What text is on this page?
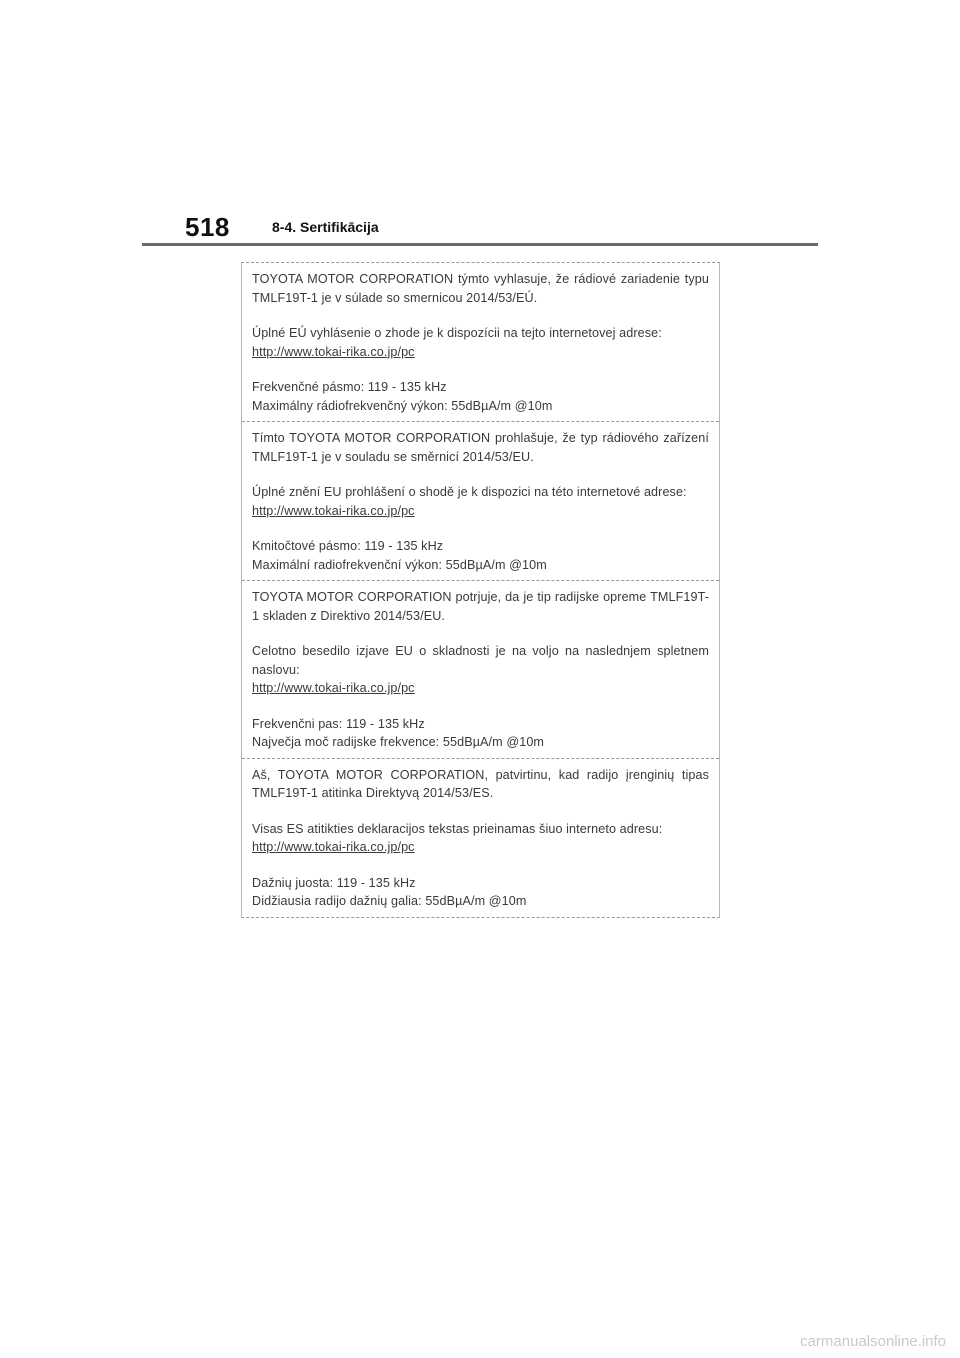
518	8-4. Sertifikācija

TOYOTA MOTOR CORPORATION týmto vyhlasuje, že rádiové zariadenie typu TMLF19T-1 je v súlade so smernicou 2014/53/EÚ.

Úplné EÚ vyhlásenie o zhode je k dispozícii na tejto internetovej adrese:

http://www.tokai-rika.co.jp/pc
Frekvenčné pásmo: 119 - 135 kHz
Maximálny rádiofrekvenčný výkon: 55dBµA/m @10m

Tímto TOYOTA MOTOR CORPORATION prohlašuje, že typ rádiového zařízení TMLF19T-1 je v souladu se směrnicí 2014/53/EU.

Úplné znění EU prohlášení o shodě je k dispozici na této internetové adrese:

http://www.tokai-rika.co.jp/pc
Kmitočtové pásmo: 119 - 135 kHz
Maximální radiofrekvenční výkon: 55dBµA/m @10m

TOYOTA MOTOR CORPORATION potrjuje, da je tip radijske opreme TMLF19T-1 skladen z Direktivo 2014/53/EU.

Celotno besedilo izjave EU o skladnosti je na voljo na naslednjem spletnem naslovu:

http://www.tokai-rika.co.jp/pc
Frekvenčni pas: 119 - 135 kHz
Največja moč radijske frekvence: 55dBµA/m @10m

Aš, TOYOTA MOTOR CORPORATION, patvirtinu, kad radijo įrenginių tipas TMLF19T-1 atitinka Direktyvą 2014/53/ES.

Visas ES atitikties deklaracijos tekstas prieinamas šiuo interneto adresu:

http://www.tokai-rika.co.jp/pc
Dažnių juosta: 119 - 135 kHz
Didžiausia radijo dažnių galia: 55dBµA/m @10m
carmanualsonline.info
